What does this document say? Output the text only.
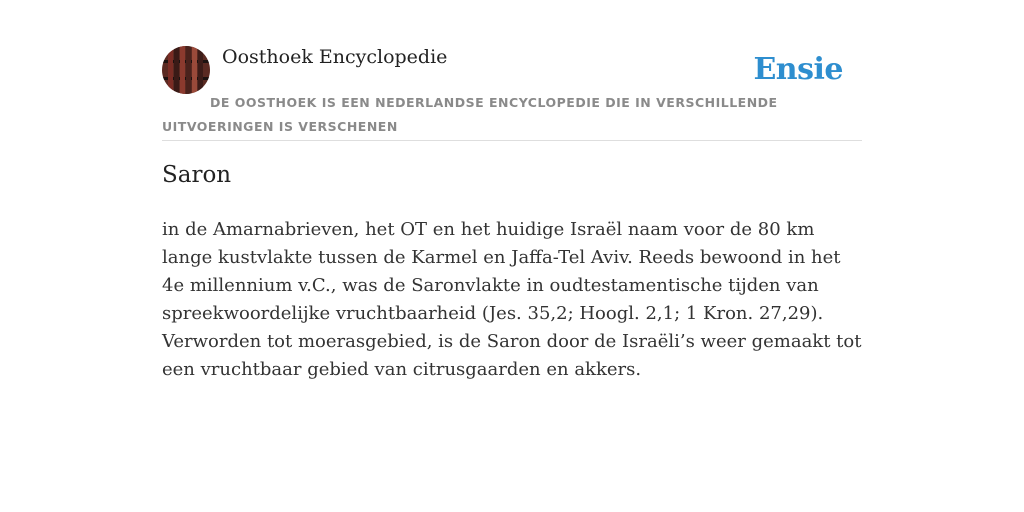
Oosthoek Encyclopedie	Ensie
DE OOSTHOEK IS EEN NEDERLANDSE ENCYCLOPEDIE DIE IN VERSCHILLENDE UITVOERINGEN IS VERSCHENEN
Saron

in de Amarnabrieven, het OT en het huidige Israël naam voor de 80 km lange kustvlakte tussen de Karmel en Jaffa-Tel Aviv. Reeds bewoond in het 4e millennium v.C., was de Saronvlakte in oudtestamentische tijden van spreekwoordelijke vruchtbaarheid (Jes. 35,2; Hoogl. 2,1; 1 Kron. 27,29). Verworden tot moerasgebied, is de Saron door de Israëli’s weer gemaakt tot een vruchtbaar gebied van citrusgaarden en akkers.
